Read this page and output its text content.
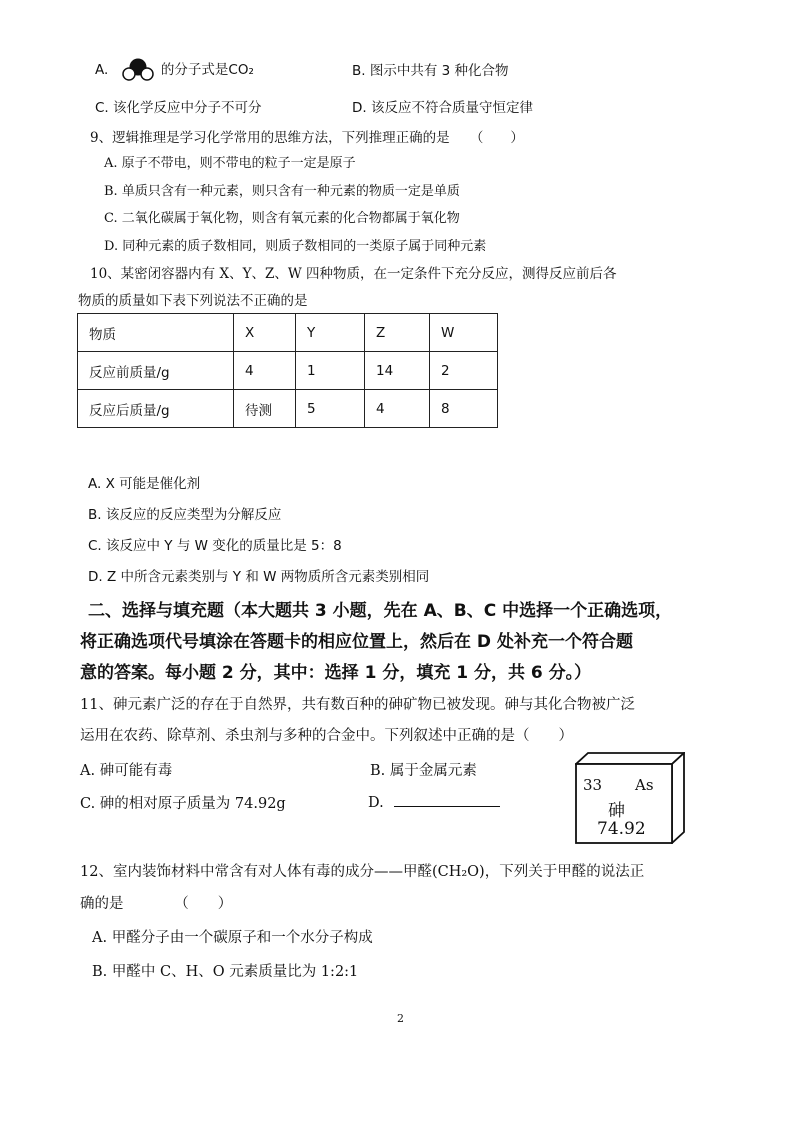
A.	的分子式是CO₂	B. 图示中共有 3 种化合物
C. 该化学反应中分子不可分	D. 该反应不符合质量守恒定律
9、逻辑推理是学习化学常用的思维方法，下列推理正确的是　　（　　）
A. 原子不带电，则不带电的粒子一定是原子
B. 单质只含有一种元素，则只含有一种元素的物质一定是单质
C. 二氧化碳属于氧化物，则含有氧元素的化合物都属于氧化物
D. 同种元素的质子数相同，则质子数相同的一类原子属于同种元素
10、某密闭容器内有 X、Y、Z、W 四种物质，在一定条件下充分反应，测得反应前后各
物质的质量如下表下列说法不正确的是
物质	X	Y	Z	W
反应前质量/g	4	1	14	2
反应后质量/g	待测	5	4	8
A. X 可能是催化剂
B. 该反应的反应类型为分解反应
C. 该反应中 Y 与 W 变化的质量比是 5：8
D. Z 中所含元素类别与 Y 和 W 两物质所含元素类别相同
二、选择与填充题（本大题共 3 小题，先在 A、B、C 中选择一个正确选项，
将正确选项代号填涂在答题卡的相应位置上，然后在 D 处补充一个符合题
意的答案。每小题 2 分，其中：选择 1 分，填充 1 分，共 6 分。）
11、砷元素广泛的存在于自然界，共有数百种的砷矿物已被发现。砷与其化合物被广泛
运用在农药、除草剂、杀虫剂与多种的合金中。下列叙述中正确的是（　　）
A. 砷可能有毒	B. 属于金属元素
C. 砷的相对原子质量为 74.92g	D.
33 As
砷
74.92
12、室内装饰材料中常含有对人体有毒的成分——甲醛(CH₂O)，下列关于甲醛的说法正
确的是　　　　（　　）
A. 甲醛分子由一个碳原子和一个水分子构成
B. 甲醛中 C、H、O 元素质量比为 1:2:1
2
